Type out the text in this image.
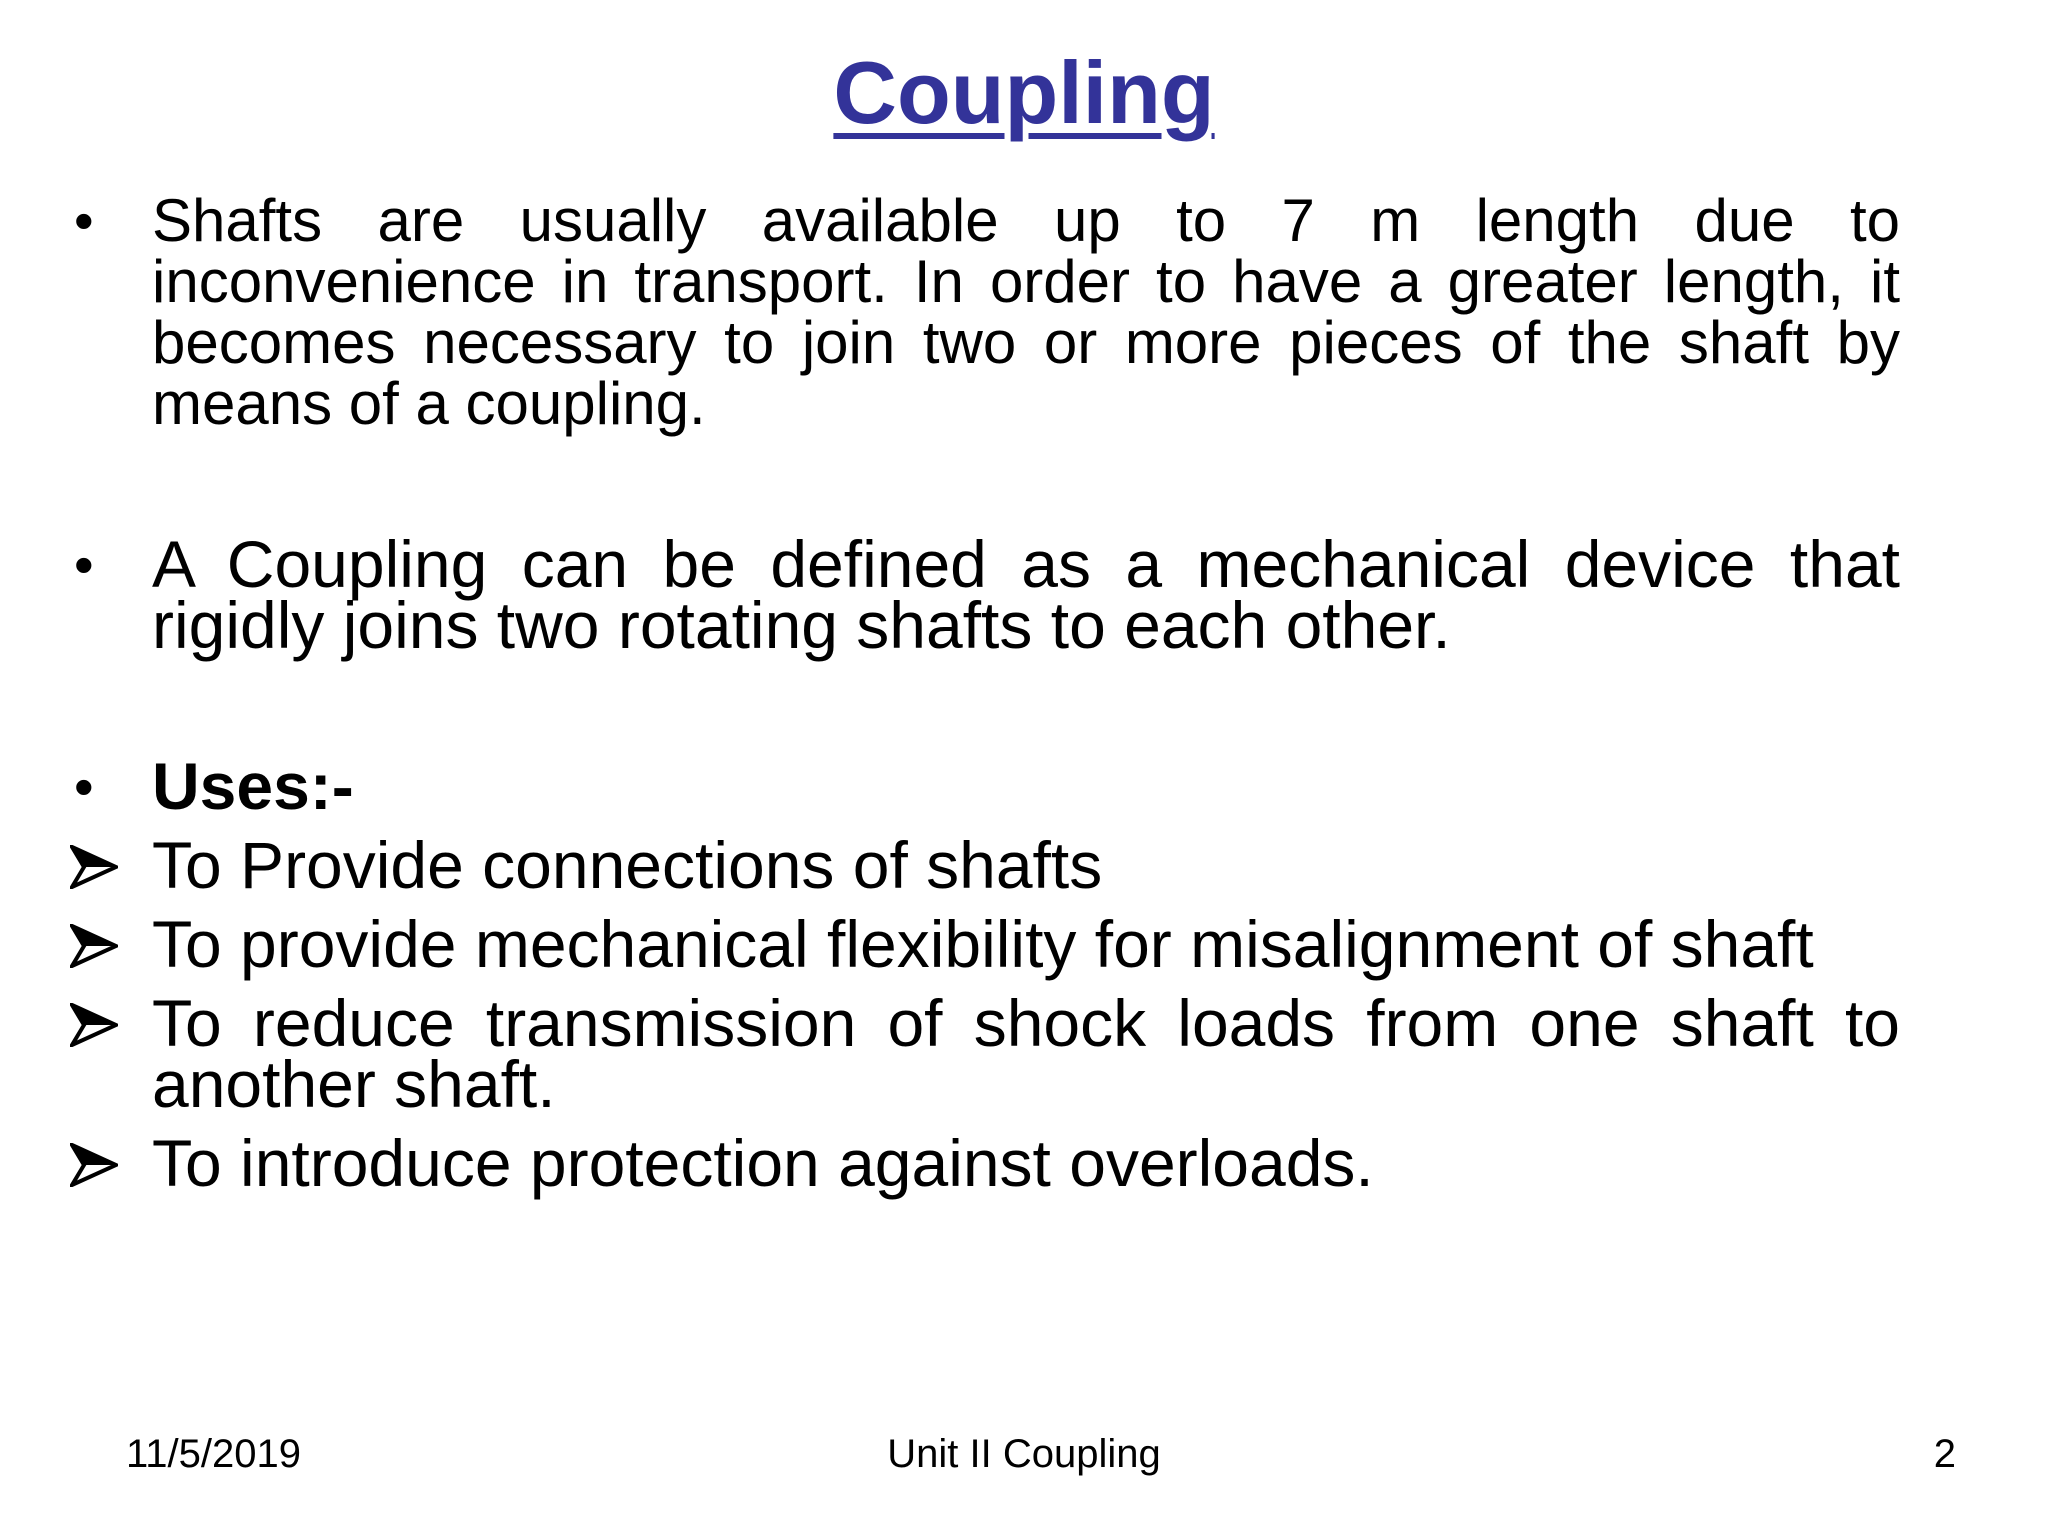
Coupling
• Shafts are usually available up to 7 m length due to inconvenience in transport. In order to have a greater length, it becomes necessary to join two or more pieces of the shaft by means of a coupling.
• A Coupling can be defined as a mechanical device that rigidly joins two rotating shafts to each other.
• Uses:-
To Provide connections of shafts
To provide mechanical flexibility for misalignment of shaft
To reduce transmission of shock loads from one shaft to another shaft.
To introduce protection against overloads.

11/5/2019	Unit II Coupling	2
